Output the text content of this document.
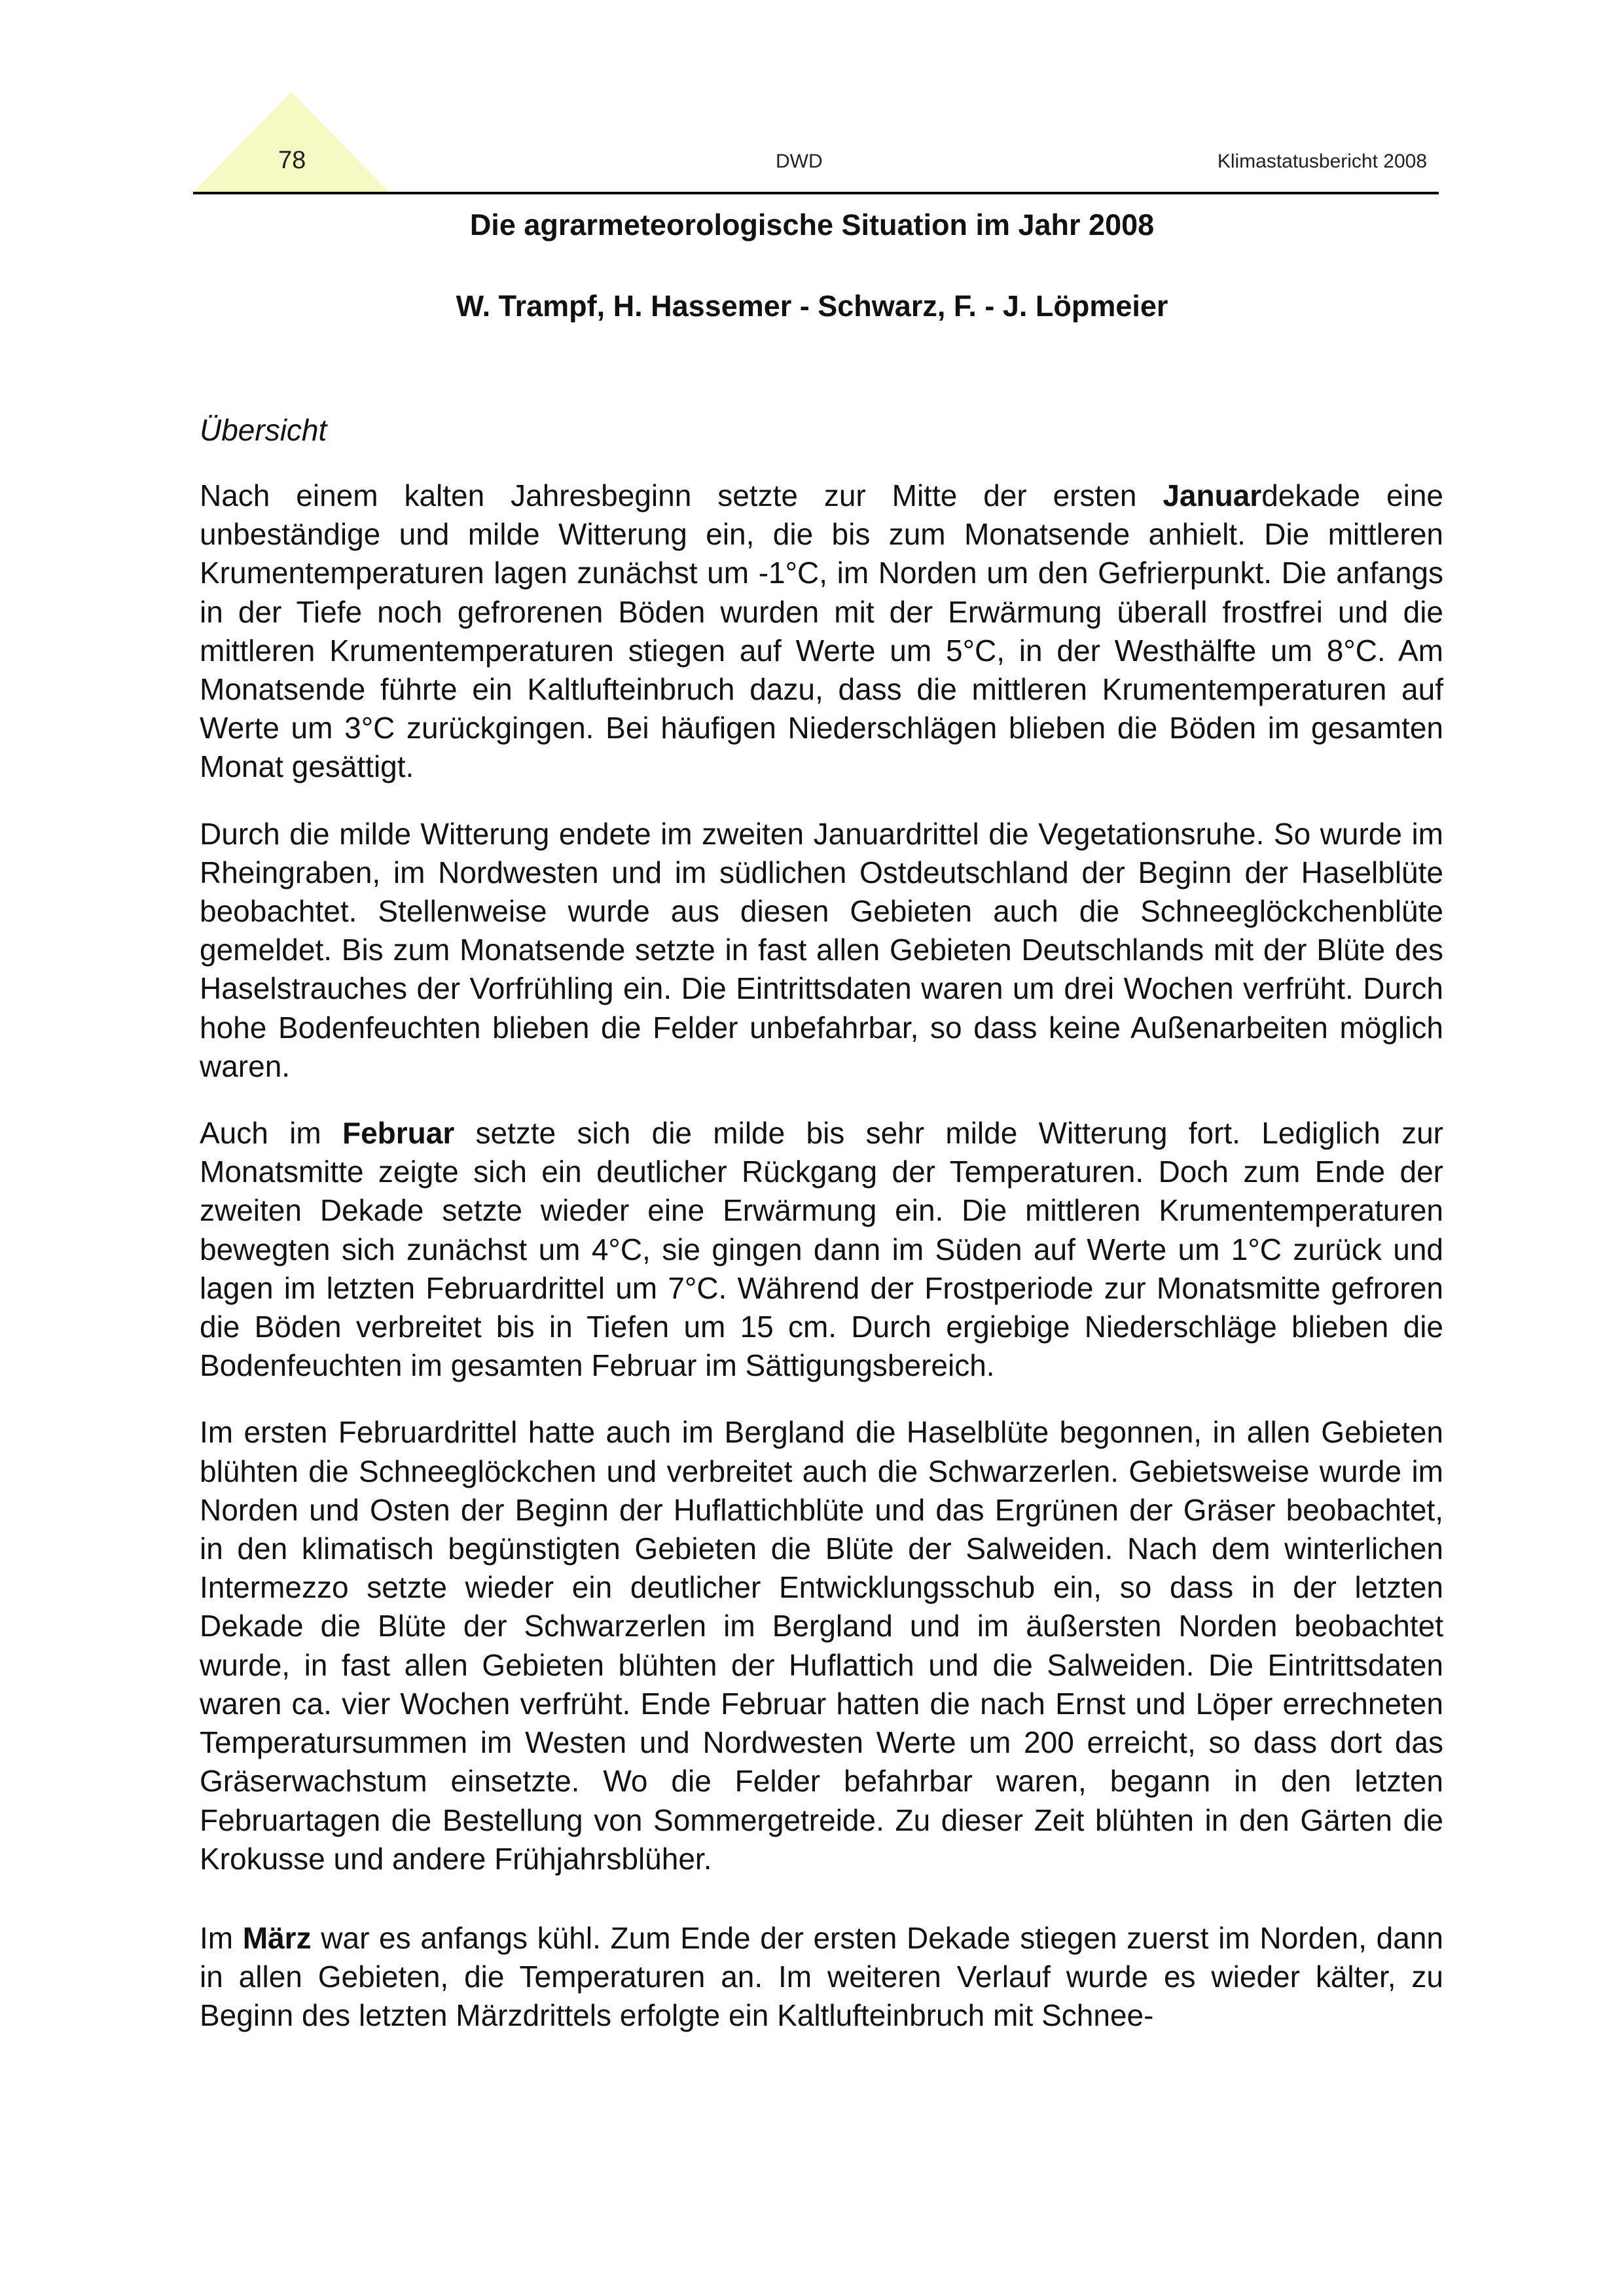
78	DWD	Klimastatusbericht 2008
Die agrarmeteorologische Situation im Jahr 2008
W. Trampf, H. Hassemer - Schwarz, F. - J. Löpmeier
Übersicht

Nach einem kalten Jahresbeginn setzte zur Mitte der ersten Januardekade eine unbeständige und milde Witterung ein, die bis zum Monatsende anhielt. Die mittleren Krumentemperaturen lagen zunächst um -1°C, im Norden um den Gefrierpunkt. Die anfangs in der Tiefe noch gefrorenen Böden wurden mit der Erwärmung überall frostfrei und die mittleren Krumentemperaturen stiegen auf Werte um 5°C, in der Westhälfte um 8°C. Am Monatsende führte ein Kaltlufteinbruch dazu, dass die mittleren Krumentemperaturen auf Werte um 3°C zurückgingen. Bei häufigen Niederschlägen blieben die Böden im gesamten Monat gesättigt.

Durch die milde Witterung endete im zweiten Januardrittel die Vegetationsruhe. So wurde im Rheingraben, im Nordwesten und im südlichen Ostdeutschland der Beginn der Haselblüte beobachtet. Stellenweise wurde aus diesen Gebieten auch die Schneeglöckchenblüte gemeldet. Bis zum Monatsende setzte in fast allen Gebieten Deutschlands mit der Blüte des Haselstrauches der Vorfrühling ein. Die Eintrittsdaten waren um drei Wochen verfrüht. Durch hohe Bodenfeuchten blieben die Felder unbefahrbar, so dass keine Außenarbeiten möglich waren.

Auch im Februar setzte sich die milde bis sehr milde Witterung fort. Lediglich zur Monatsmitte zeigte sich ein deutlicher Rückgang der Temperaturen. Doch zum Ende der zweiten Dekade setzte wieder eine Erwärmung ein. Die mittleren Krumentemperaturen bewegten sich zunächst um 4°C, sie gingen dann im Süden auf Werte um 1°C zurück und lagen im letzten Februardrittel um 7°C. Während der Frostperiode zur Monatsmitte gefroren die Böden verbreitet bis in Tiefen um 15 cm. Durch ergiebige Niederschläge blieben die Bodenfeuchten im gesamten Februar im Sättigungsbereich.

Im ersten Februardrittel hatte auch im Bergland die Haselblüte begonnen, in allen Gebieten blühten die Schneeglöckchen und verbreitet auch die Schwarzerlen. Gebietsweise wurde im Norden und Osten der Beginn der Huflattichblüte und das Ergrünen der Gräser beobachtet, in den klimatisch begünstigten Gebieten die Blüte der Salweiden. Nach dem winterlichen Intermezzo setzte wieder ein deutlicher Entwicklungsschub ein, so dass in der letzten Dekade die Blüte der Schwarzerlen im Bergland und im äußersten Norden beobachtet wurde, in fast allen Gebieten blühten der Huflattich und die Salweiden. Die Eintrittsdaten waren ca. vier Wochen verfrüht. Ende Februar hatten die nach Ernst und Löper errechneten Temperatursummen im Westen und Nordwesten Werte um 200 erreicht, so dass dort das Gräserwachstum einsetzte. Wo die Felder befahrbar waren, begann in den letzten Februartagen die Bestellung von Sommergetreide. Zu dieser Zeit blühten in den Gärten die Krokusse und andere Frühjahrsblüher.

Im März war es anfangs kühl. Zum Ende der ersten Dekade stiegen zuerst im Norden, dann in allen Gebieten, die Temperaturen an. Im weiteren Verlauf wurde es wieder kälter, zu Beginn des letzten Märzdrittels erfolgte ein Kaltlufteinbruch mit Schnee-
